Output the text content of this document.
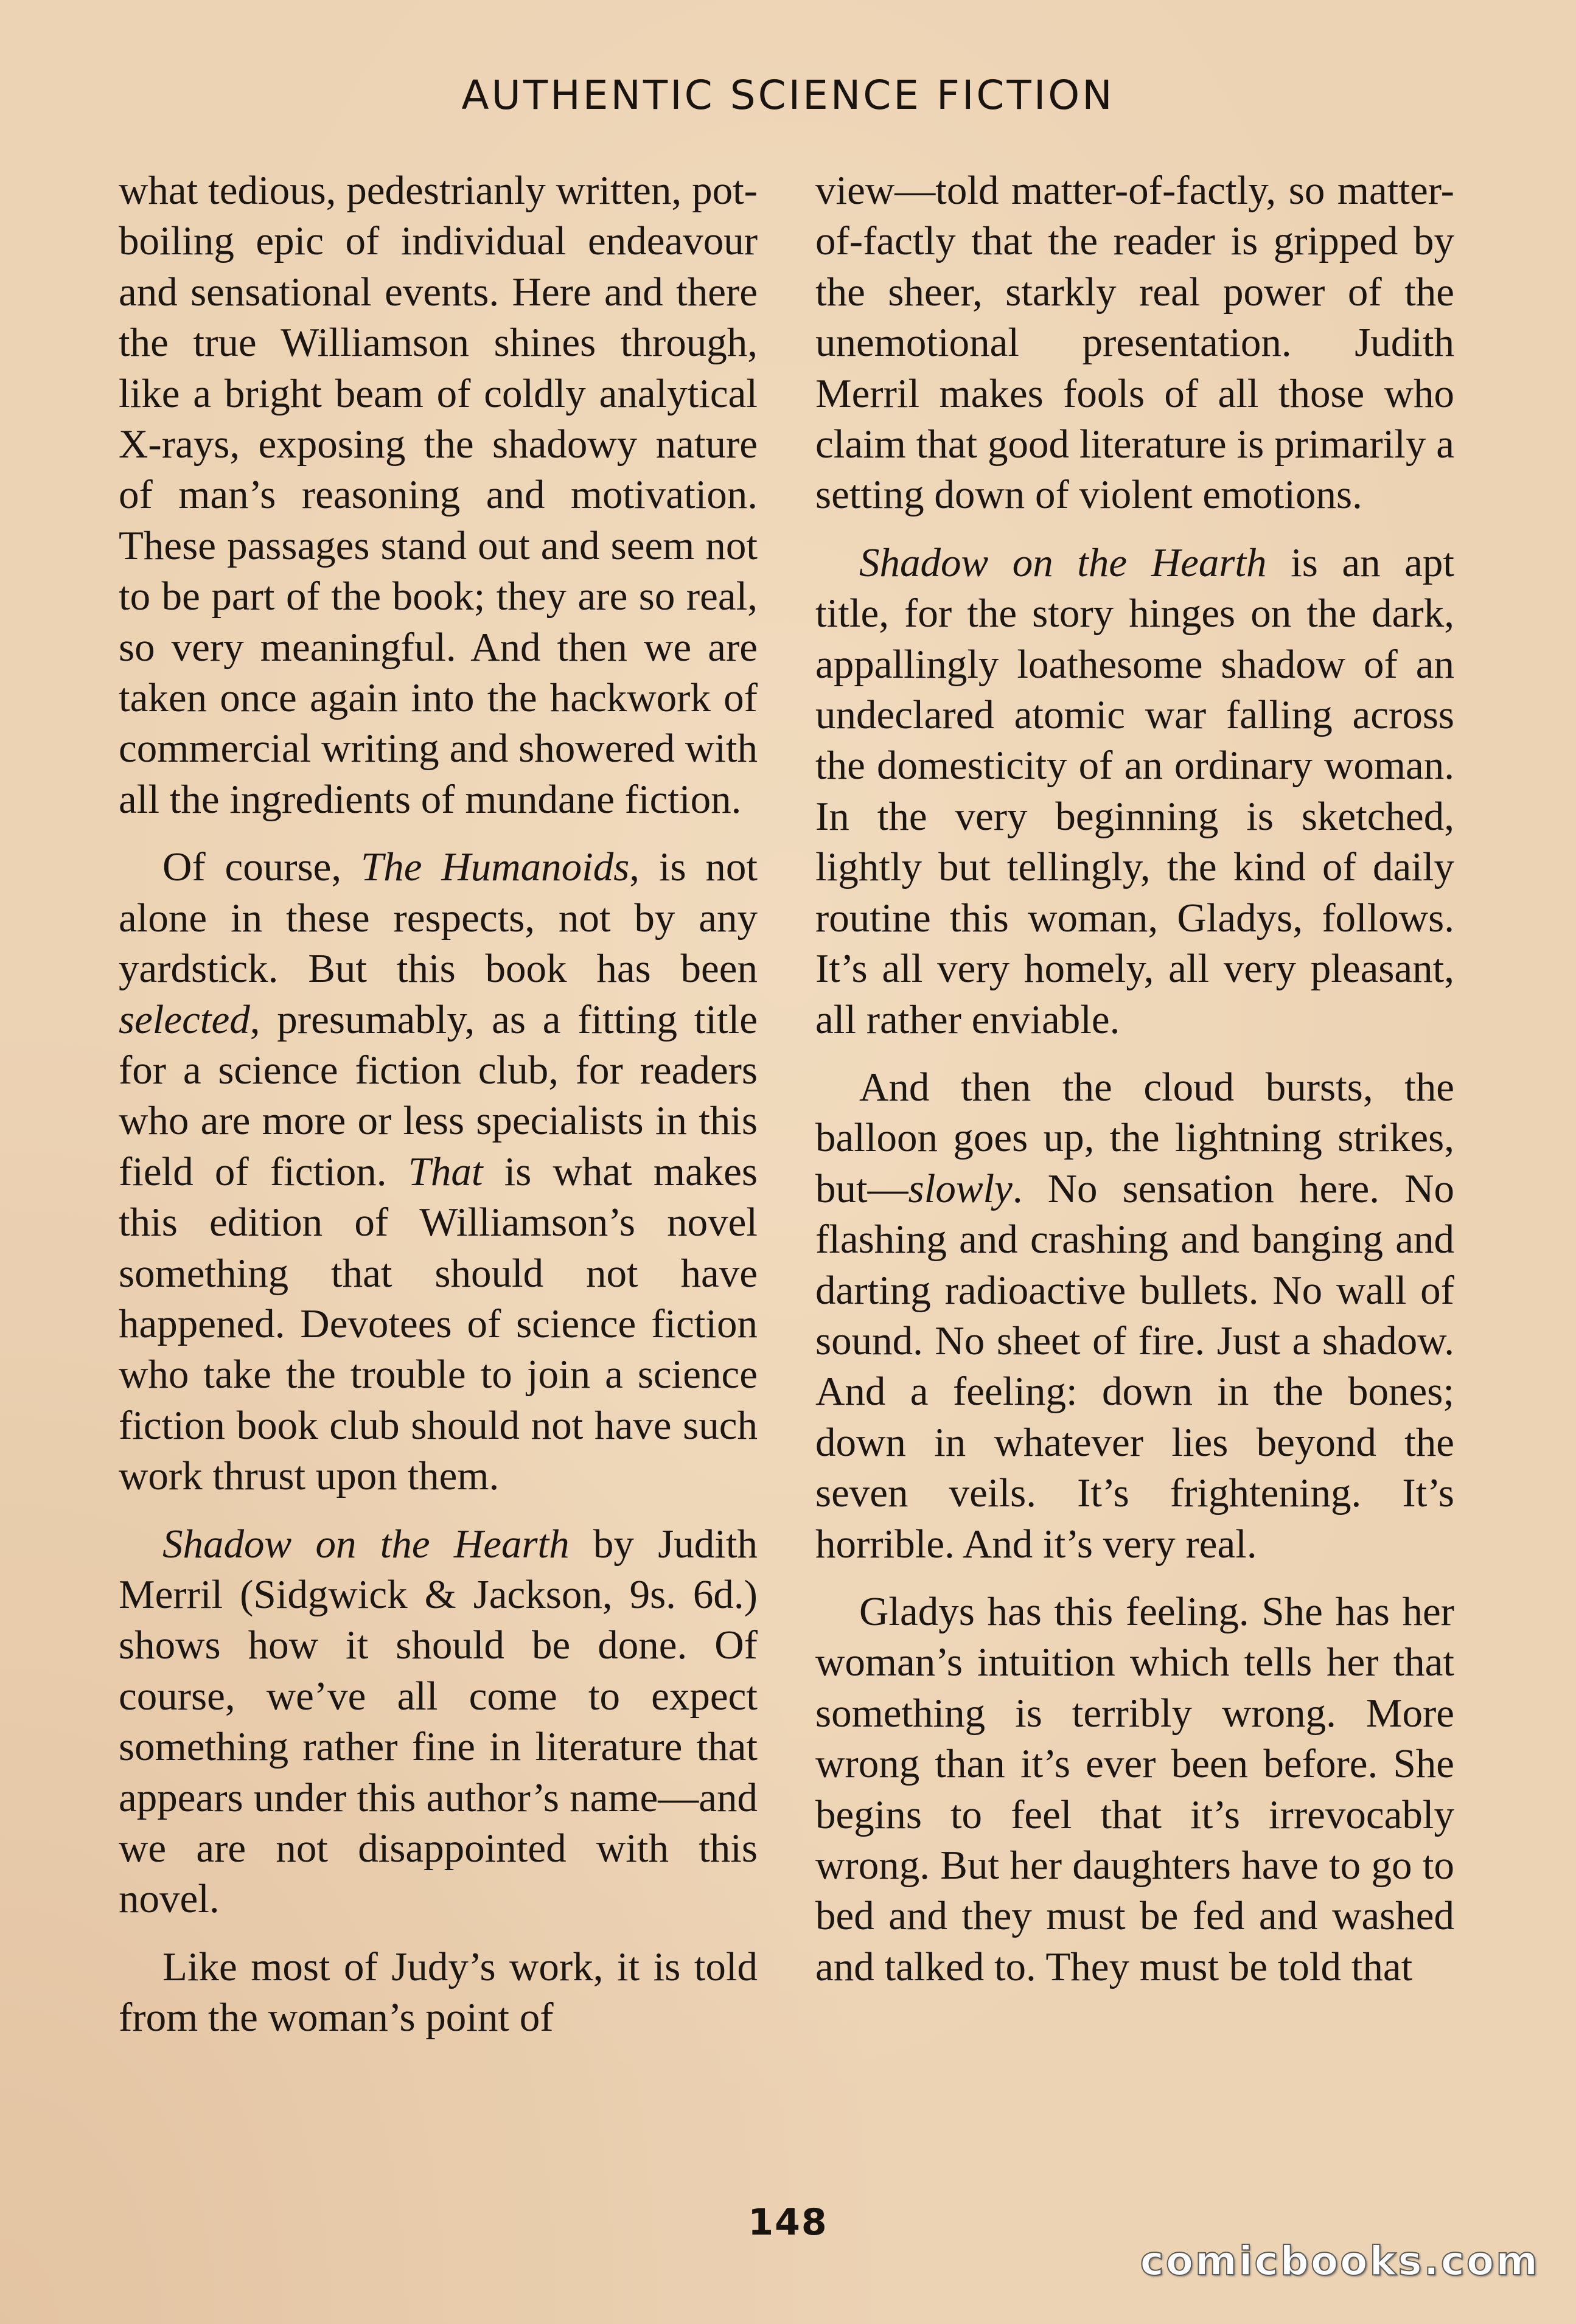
AUTHENTIC SCIENCE FICTION

what tedious, pedestrianly written, pot-boiling epic of individual endeavour and sensational events. Here and there the true Williamson shines through, like a bright beam of coldly analytical X-rays, exposing the shadowy nature of man’s reasoning and motivation. These passages stand out and seem not to be part of the book; they are so real, so very meaningful. And then we are taken once again into the hackwork of commercial writing and showered with all the ingredients of mundane fiction.

Of course, The Humanoids, is not alone in these respects, not by any yardstick. But this book has been selected, presumably, as a fitting title for a science fiction club, for readers who are more or less specialists in this field of fiction. That is what makes this edition of Williamson’s novel something that should not have happened. Devotees of science fiction who take the trouble to join a science fiction book club should not have such work thrust upon them.

Shadow on the Hearth by Judith Merril (Sidgwick & Jackson, 9s. 6d.) shows how it should be done. Of course, we’ve all come to expect something rather fine in literature that appears under this author’s name—and we are not disappointed with this novel.

Like most of Judy’s work, it is told from the woman’s point of

view—told matter-of-factly, so matter-of-factly that the reader is gripped by the sheer, starkly real power of the unemotional presentation. Judith Merril makes fools of all those who claim that good literature is primarily a setting down of violent emotions.

Shadow on the Hearth is an apt title, for the story hinges on the dark, appallingly loathesome shadow of an undeclared atomic war falling across the domesticity of an ordinary woman. In the very beginning is sketched, lightly but tellingly, the kind of daily routine this woman, Gladys, follows. It’s all very homely, all very pleasant, all rather enviable.

And then the cloud bursts, the balloon goes up, the lightning strikes, but—slowly. No sensation here. No flashing and crashing and banging and darting radioactive bullets. No wall of sound. No sheet of fire. Just a shadow. And a feeling: down in the bones; down in whatever lies beyond the seven veils. It’s frightening. It’s horrible. And it’s very real.

Gladys has this feeling. She has her woman’s intuition which tells her that something is terribly wrong. More wrong than it’s ever been before. She begins to feel that it’s irrevocably wrong. But her daughters have to go to bed and they must be fed and washed and talked to. They must be told that

148
comicbooks.com
